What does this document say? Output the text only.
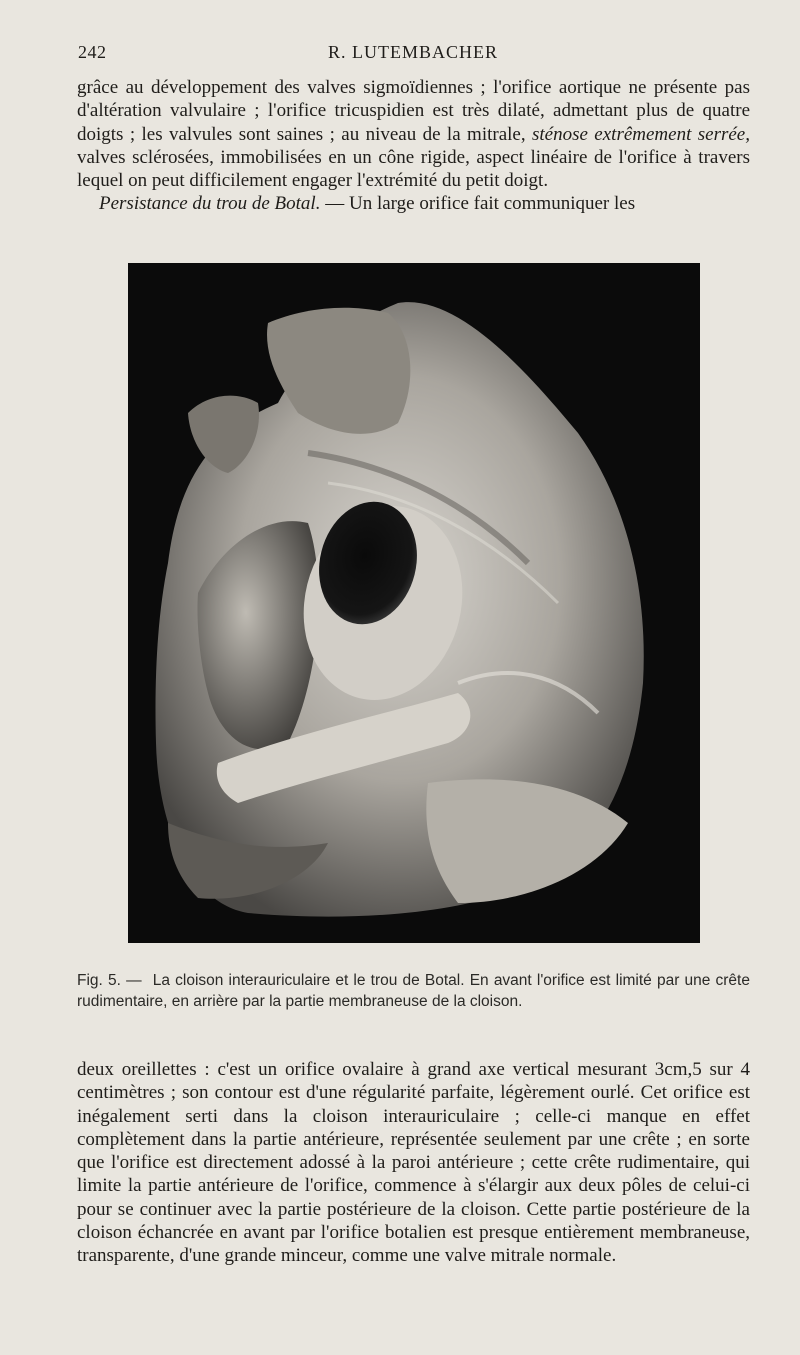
242	R. LUTEMBACHER

grâce au développement des valves sigmoïdiennes ; l'orifice aortique ne présente pas d'altération valvulaire ; l'orifice tricuspidien est très dilaté, admettant plus de quatre doigts ; les valvules sont saines ; au niveau de la mitrale, sténose extrêmement serrée, valves sclérosées, immobilisées en un cône rigide, aspect linéaire de l'orifice à travers lequel on peut difficilement engager l'extrémité du petit doigt.

Persistance du trou de Botal. — Un large orifice fait communiquer les

Fig. 5. — La cloison interauriculaire et le trou de Botal. En avant l'orifice est limité par une crête rudimentaire, en arrière par la partie membraneuse de la cloison.

deux oreillettes : c'est un orifice ovalaire à grand axe vertical mesurant 3cm,5 sur 4 centimètres ; son contour est d'une régularité parfaite, légèrement ourlé. Cet orifice est inégalement serti dans la cloison interauriculaire ; celle-ci manque en effet complètement dans la partie antérieure, représentée seulement par une crête ; en sorte que l'orifice est directement adossé à la paroi antérieure ; cette crête rudimentaire, qui limite la partie antérieure de l'orifice, commence à s'élargir aux deux pôles de celui-ci pour se continuer avec la partie postérieure de la cloison. Cette partie postérieure de la cloison échancrée en avant par l'orifice botalien est presque entièrement membraneuse, transparente, d'une grande minceur, comme une valve mitrale normale.
